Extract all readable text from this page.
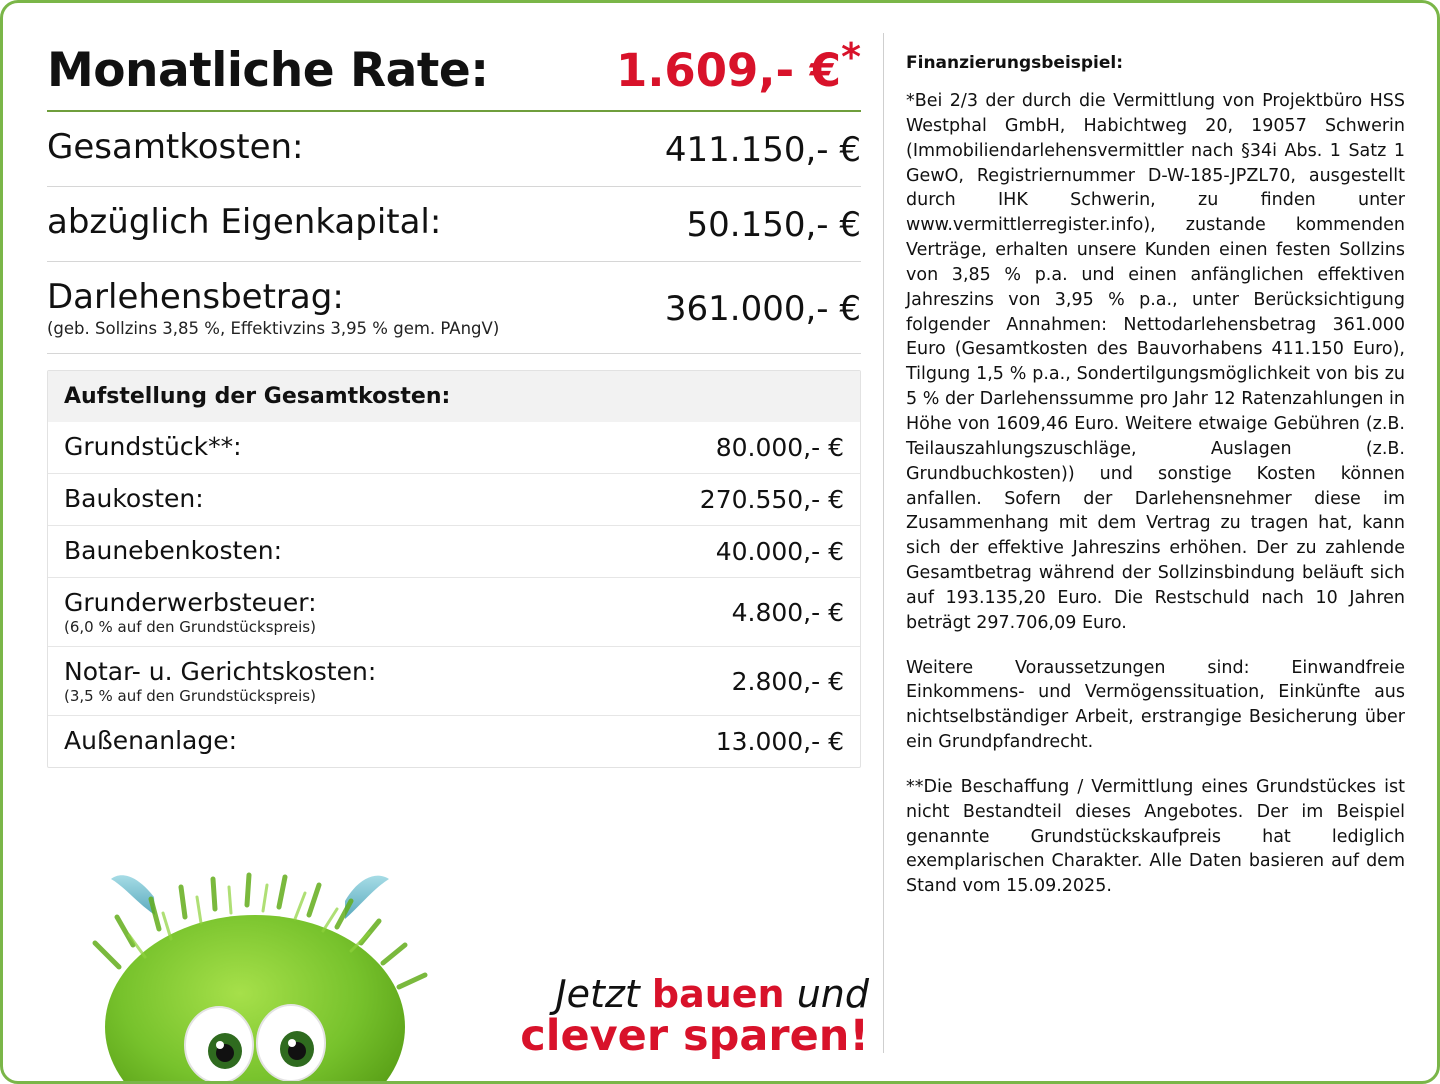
Monatliche Rate:	1.609,- €*
Gesamtkosten:	411.150,- €
abzüglich Eigenkapital:	50.150,- €
Darlehensbetrag:
(geb. Sollzins 3,85 %, Effektivzins 3,95 % gem. PAngV)	361.000,- €
Aufstellung der Gesamtkosten:
Grundstück**:	80.000,- €
Baukosten:	270.550,- €
Baunebenkosten:	40.000,- €
Grunderwerbsteuer:
(6,0 % auf den Grundstückspreis)	4.800,- €
Notar- u. Gerichtskosten:
(3,5 % auf den Grundstückspreis)	2.800,- €
Außenanlage:	13.000,- €
Jetzt bauen und
clever sparen!
Finanzierungsbeispiel:

*Bei 2/3 der durch die Vermittlung von Projektbüro HSS Westphal GmbH, Habichtweg 20, 19057 Schwerin (Immobiliendarlehensvermittler nach §34i Abs. 1 Satz 1 GewO, Registriernummer D-W-185-JPZL70, ausgestellt durch IHK Schwerin, zu finden unter www.vermittlerregister.info), zustande kommenden Verträge, erhalten unsere Kunden einen festen Sollzins von 3,85 % p.a. und einen anfänglichen effektiven Jahreszins von 3,95 % p.a., unter Berücksichtigung folgender Annahmen: Nettodarlehensbetrag 361.000 Euro (Gesamtkosten des Bauvorhabens 411.150 Euro), Tilgung 1,5 % p.a., Sondertilgungsmöglichkeit von bis zu 5 % der Darlehenssumme pro Jahr 12 Ratenzahlungen in Höhe von 1609,46 Euro. Weitere etwaige Gebühren (z.B. Teilauszahlungszuschläge, Auslagen (z.B. Grundbuchkosten)) und sonstige Kosten können anfallen. Sofern der Darlehensnehmer diese im Zusammenhang mit dem Vertrag zu tragen hat, kann sich der effektive Jahreszins erhöhen. Der zu zahlende Gesamtbetrag während der Sollzinsbindung beläuft sich auf 193.135,20 Euro. Die Restschuld nach 10 Jahren beträgt 297.706,09 Euro.

Weitere Voraussetzungen sind: Einwandfreie Einkommens- und Vermögenssituation, Einkünfte aus nichtselbständiger Arbeit, erstrangige Besicherung über ein Grundpfandrecht.

**Die Beschaffung / Vermittlung eines Grundstückes ist nicht Bestandteil dieses Angebotes. Der im Beispiel genannte Grundstückskaufpreis hat lediglich exemplarischen Charakter. Alle Daten basieren auf dem Stand vom 15.09.2025.
